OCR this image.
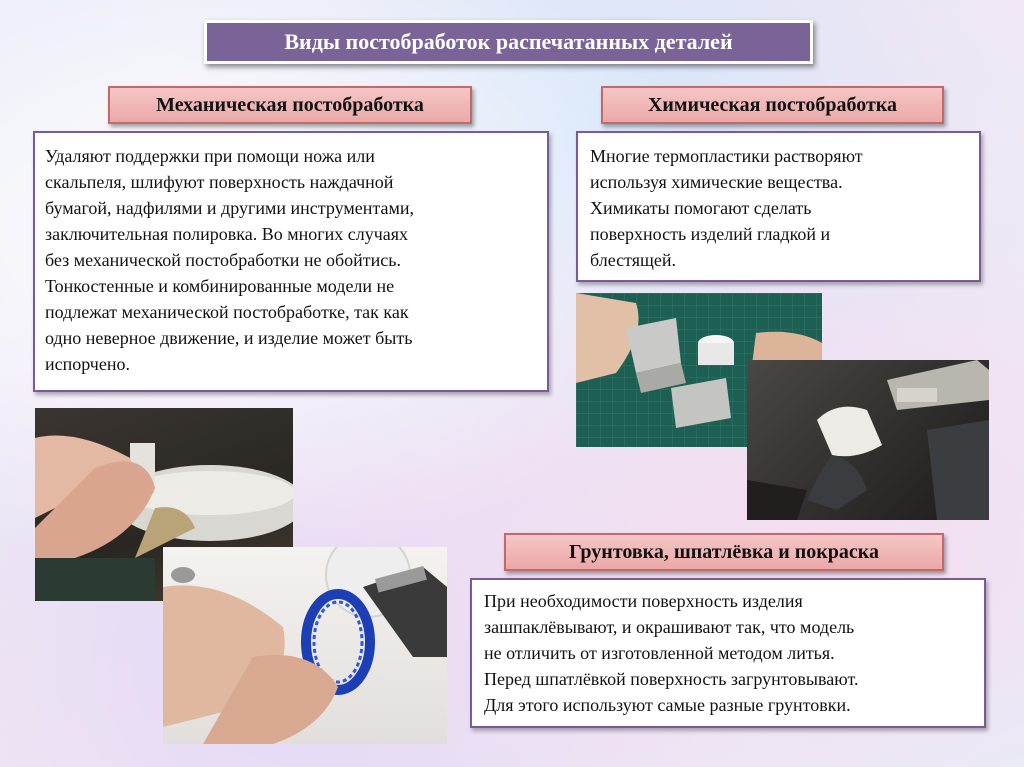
Виды постобработок распечатанных деталей
Механическая постобработка	Химическая постобработка
Удаляют поддержки при помощи ножа или
скальпеля, шлифуют поверхность наждачной
бумагой, надфилями и другими инструментами,
заключительная полировка. Во многих случаях
без механической постобработки не обойтись.
Тонкостенные и комбинированные модели не
подлежат механической постобработке, так как
одно неверное движение, и изделие может быть
испорчено.
Многие термопластики растворяют
используя химические вещества.
Химикаты помогают сделать
поверхность изделий гладкой и
блестящей.
Грунтовка, шпатлёвка и покраска
При необходимости поверхность изделия
зашпаклёвывают, и окрашивают так, что модель
не отличить от изготовленной методом литья.
Перед шпатлёвкой поверхность загрунтовывают.
Для этого используют самые разные грунтовки.
